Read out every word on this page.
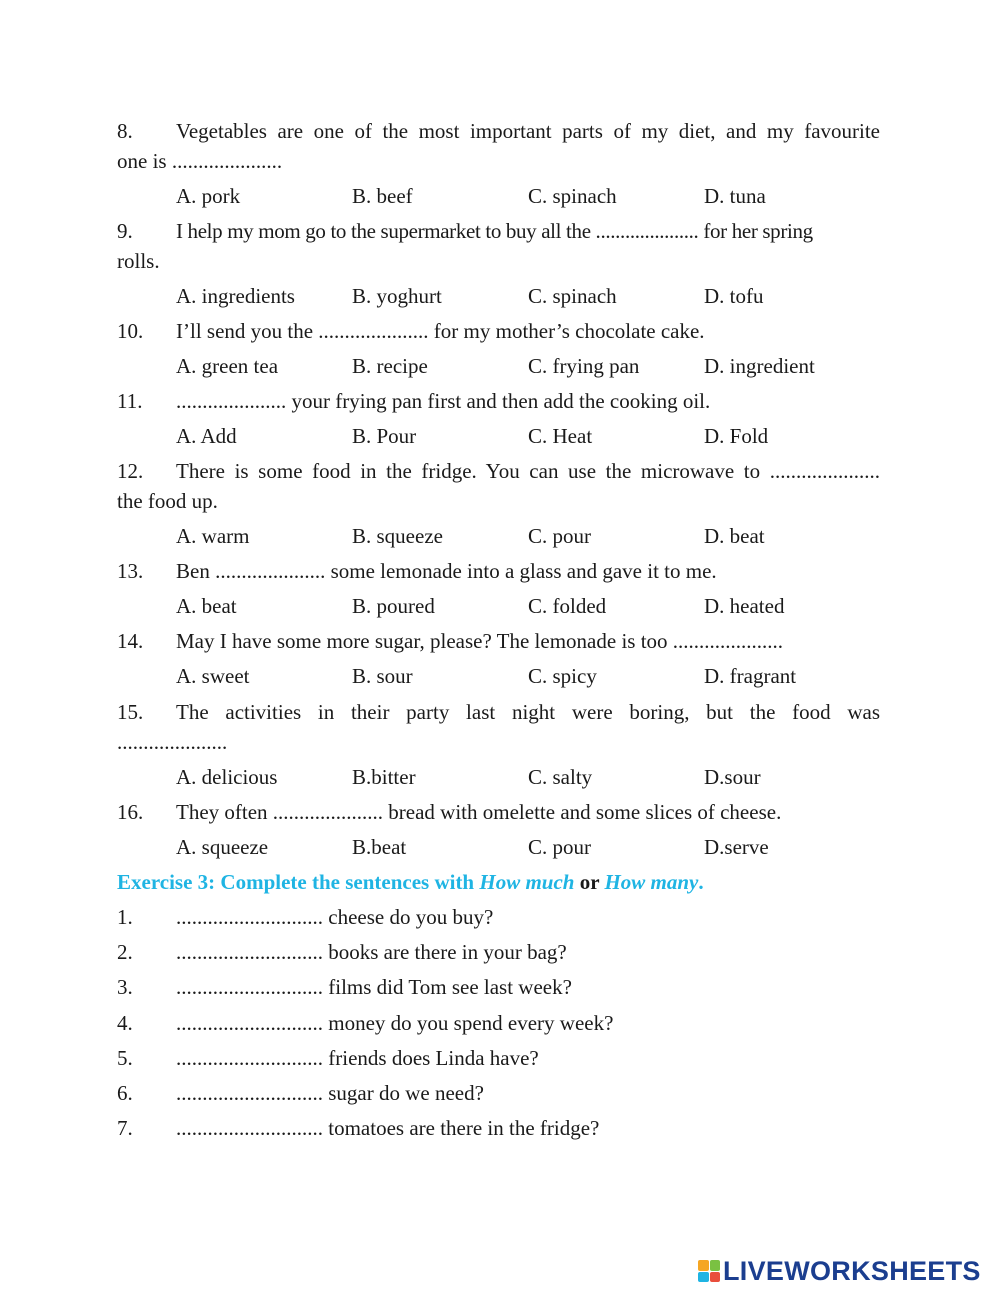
8. Vegetables are one of the most important parts of my diet, and my favourite
one is .....................
A. pork	B. beef	C. spinach	D. tuna
9. I help my mom go to the supermarket to buy all the ..................... for her spring
rolls.
A. ingredients	B. yoghurt	C. spinach	D. tofu
10. I’ll send you the ..................... for my mother’s chocolate cake.
A. green tea	B. recipe	C. frying pan	D. ingredient
11. ..................... your frying pan first and then add the cooking oil.
A. Add	B. Pour	C. Heat	D. Fold
12. There is some food in the fridge. You can use the microwave to .....................
the food up.
A. warm	B. squeeze	C. pour	D. beat
13. Ben ..................... some lemonade into a glass and gave it to me.
A. beat	B. poured	C. folded	D. heated
14. May I have some more sugar, please? The lemonade is too .....................
A. sweet	B. sour	C. spicy	D. fragrant
15. The activities in their party last night were boring, but the food was
.....................
A. delicious	B.bitter	C. salty	D.sour
16. They often ..................... bread with omelette and some slices of cheese.
A. squeeze	B.beat	C. pour	D.serve
Exercise 3: Complete the sentences with How much or How many.
1. ............................ cheese do you buy?
2. ............................ books are there in your bag?
3. ............................ films did Tom see last week?
4. ............................ money do you spend every week?
5. ............................ friends does Linda have?
6. ............................ sugar do we need?
7. ............................ tomatoes are there in the fridge?
LIVEWORKSHEETS
